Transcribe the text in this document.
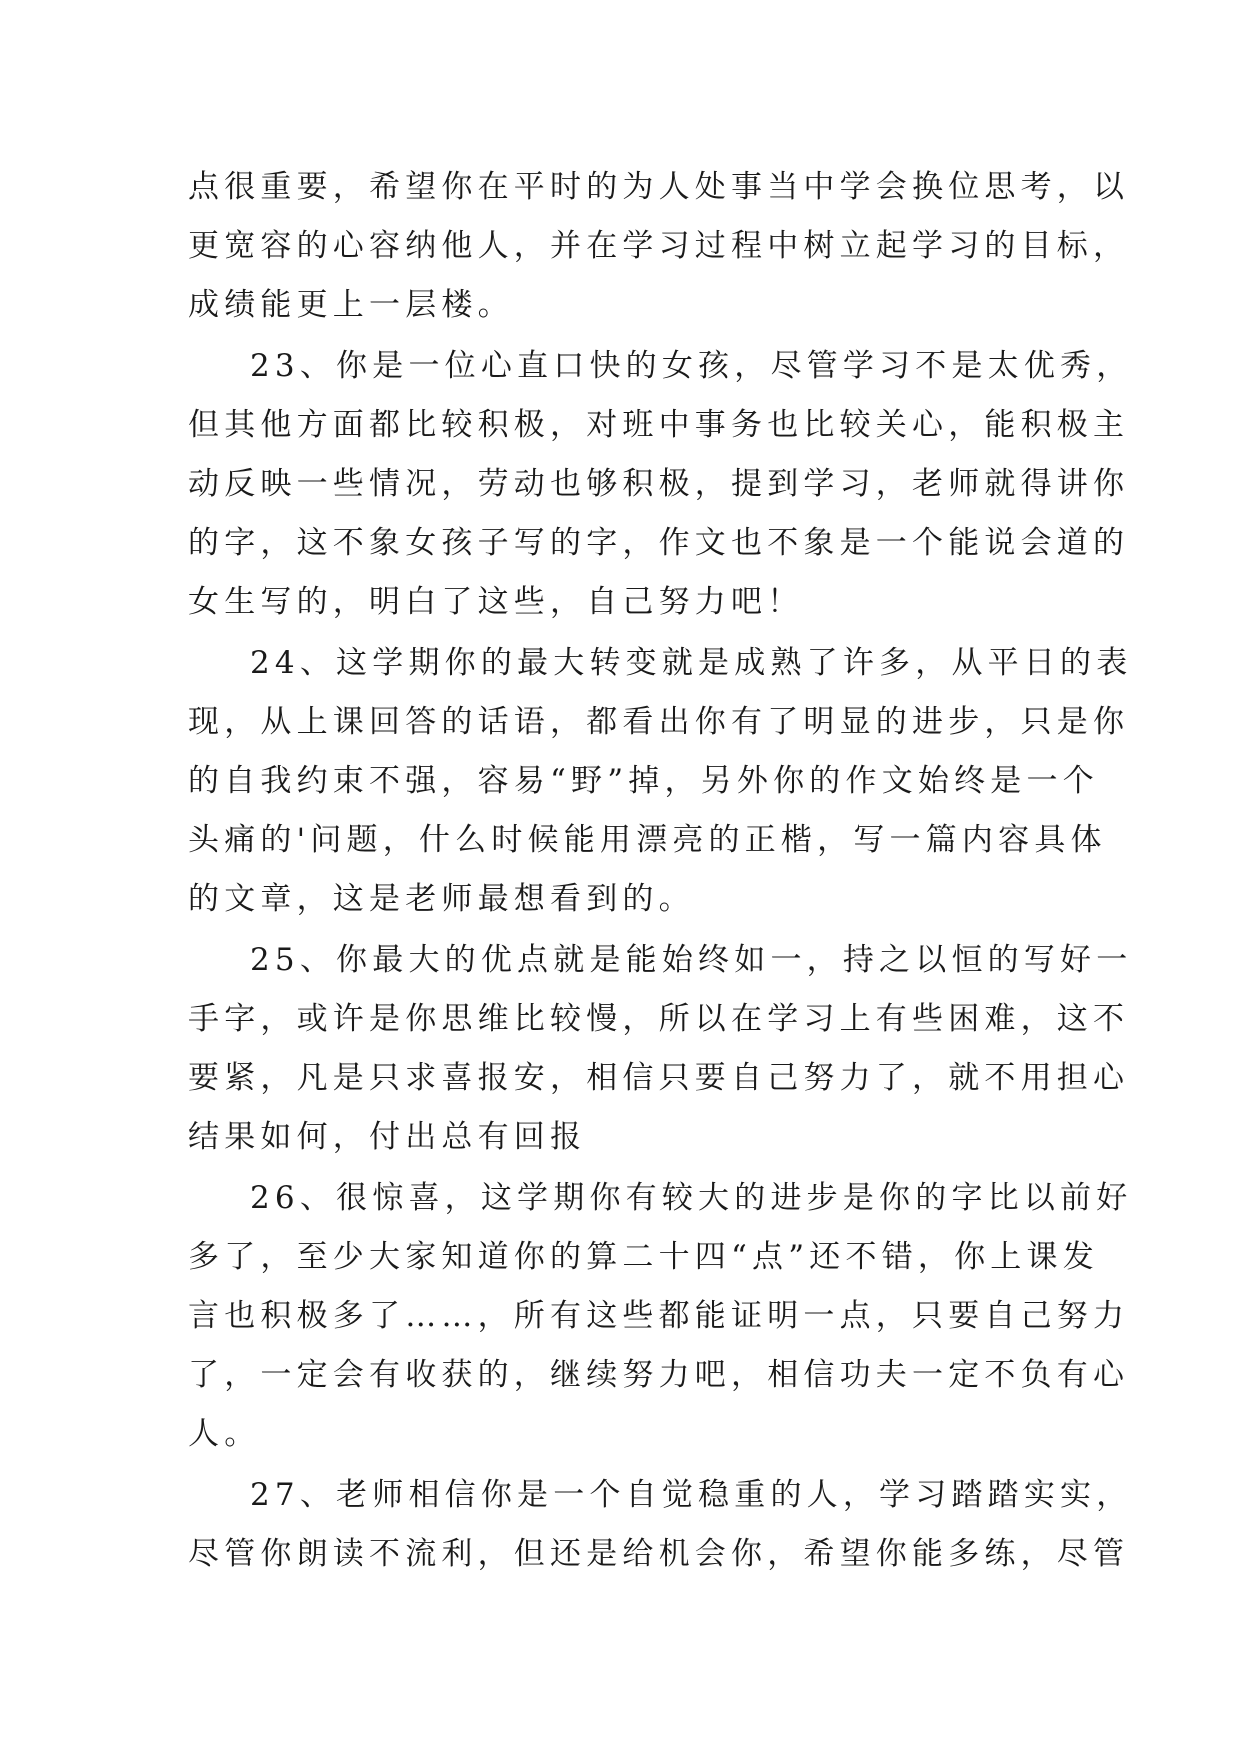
点很重要，希望你在平时的为人处事当中学会换位思考，以
更宽容的心容纳他人，并在学习过程中树立起学习的目标，
成绩能更上一层楼。
23、你是一位心直口快的女孩，尽管学习不是太优秀，
但其他方面都比较积极，对班中事务也比较关心，能积极主
动反映一些情况，劳动也够积极，提到学习，老师就得讲你
的字，这不象女孩子写的字，作文也不象是一个能说会道的
女生写的，明白了这些，自己努力吧！
24、这学期你的最大转变就是成熟了许多，从平日的表
现，从上课回答的话语，都看出你有了明显的进步，只是你
的自我约束不强，容易“野”掉，另外你的作文始终是一个
头痛的'问题，什么时候能用漂亮的正楷，写一篇内容具体
的文章，这是老师最想看到的。
25、你最大的优点就是能始终如一，持之以恒的写好一
手字，或许是你思维比较慢，所以在学习上有些困难，这不
要紧，凡是只求喜报安，相信只要自己努力了，就不用担心
结果如何，付出总有回报
26、很惊喜，这学期你有较大的进步是你的字比以前好
多了，至少大家知道你的算二十四“点”还不错，你上课发
言也积极多了……，所有这些都能证明一点，只要自己努力
了，一定会有收获的，继续努力吧，相信功夫一定不负有心
人。
27、老师相信你是一个自觉稳重的人，学习踏踏实实，
尽管你朗读不流利，但还是给机会你，希望你能多练，尽管
